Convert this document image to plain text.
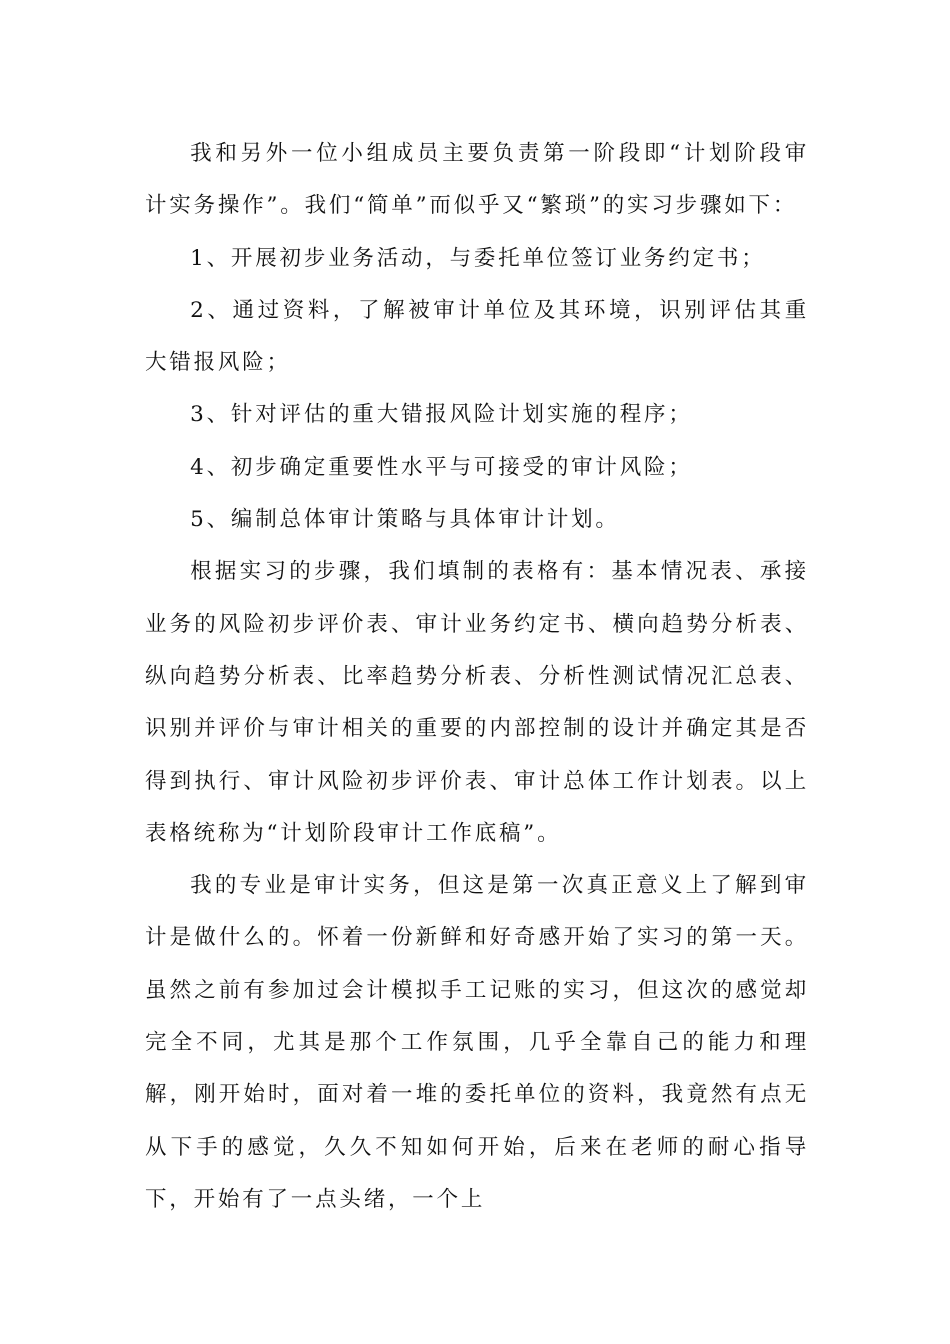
我和另外一位小组成员主要负责第一阶段即“计划阶段审计实务操作”。我们“简单”而似乎又“繁琐”的实习步骤如下：

1、开展初步业务活动，与委托单位签订业务约定书；

2、通过资料，了解被审计单位及其环境，识别评估其重大错报风险；

3、针对评估的重大错报风险计划实施的程序；

4、初步确定重要性水平与可接受的审计风险；

5、编制总体审计策略与具体审计计划。

根据实习的步骤，我们填制的表格有：基本情况表、承接业务的风险初步评价表、审计业务约定书、横向趋势分析表、纵向趋势分析表、比率趋势分析表、分析性测试情况汇总表、识别并评价与审计相关的重要的内部控制的设计并确定其是否得到执行、审计风险初步评价表、审计总体工作计划表。以上表格统称为“计划阶段审计工作底稿”。

我的专业是审计实务，但这是第一次真正意义上了解到审计是做什么的。怀着一份新鲜和好奇感开始了实习的第一天。虽然之前有参加过会计模拟手工记账的实习，但这次的感觉却完全不同，尤其是那个工作氛围，几乎全靠自己的能力和理解，刚开始时，面对着一堆的委托单位的资料，我竟然有点无从下手的感觉，久久不知如何开始，后来在老师的耐心指导下，开始有了一点头绪，一个上
